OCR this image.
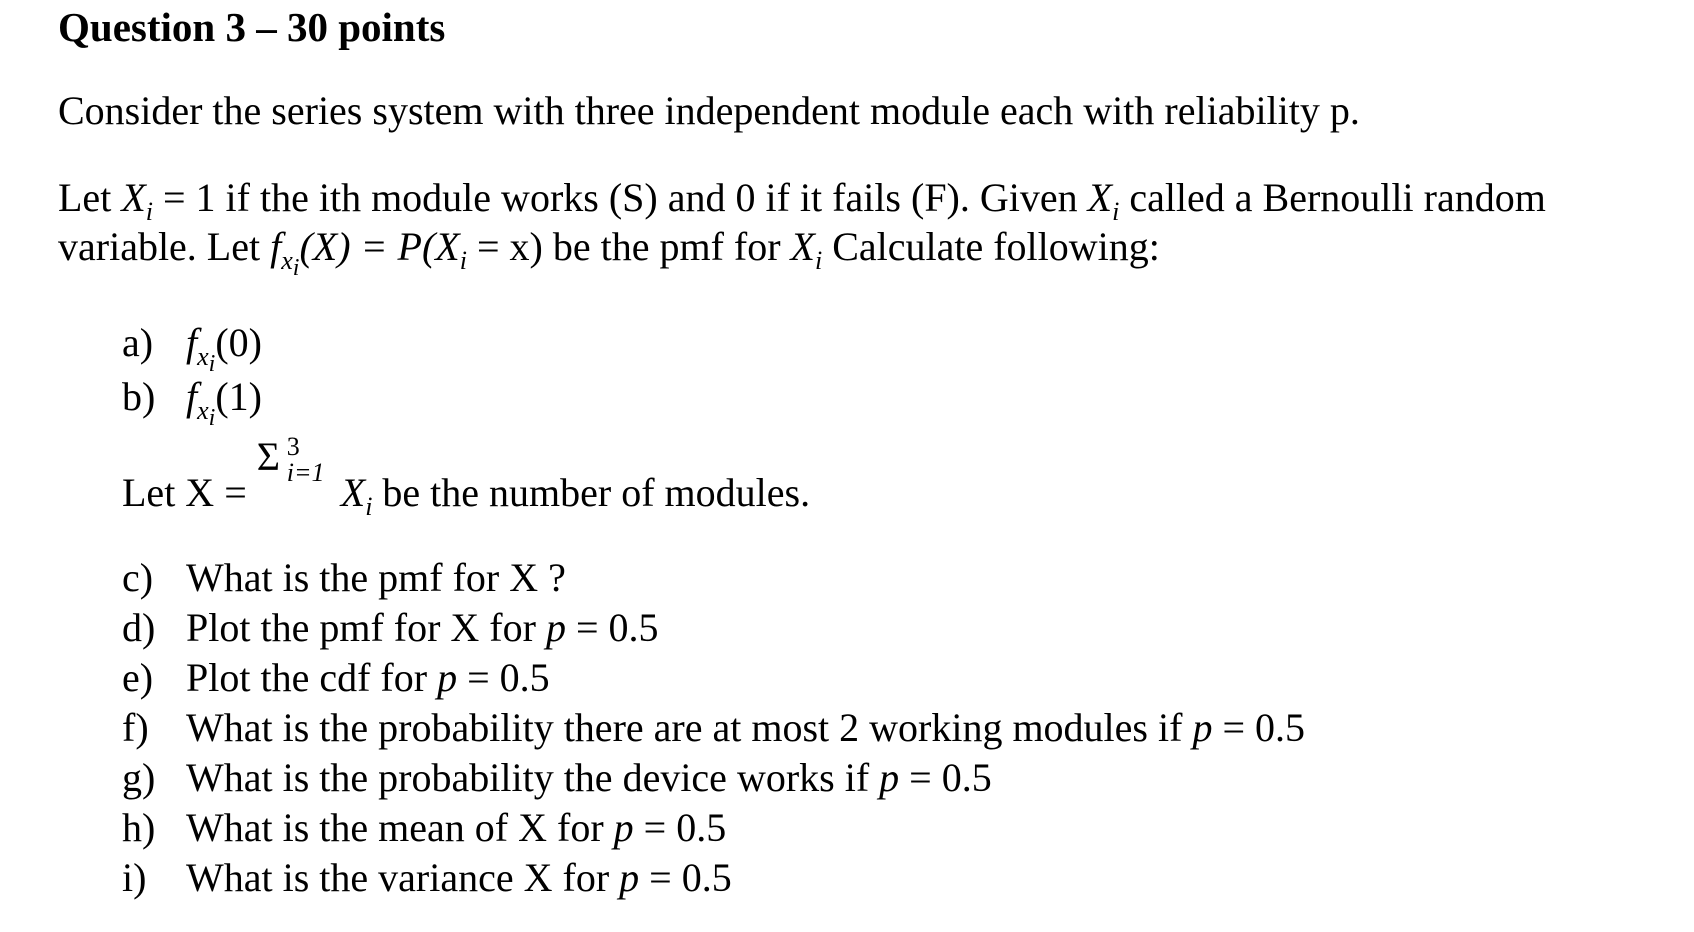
Question 3 – 30 points
Consider the series system with three independent module each with reliability p.
Let $X_i = 1$ if the ith module works (S) and 0 if it fails (F). Given $X_i$ called a Bernoulli random
variable. Let $f_{x_i}(X) = P(X_i = x)$ be the pmf for $X_i$ Calculate following:
a) $f_{x_i}(0)$
b) $f_{x_i}(1)$
Let X =
Σ 3
i=1 $X_i$ be the number of modules.
c) What is the pmf for X ?
d) Plot the pmf for X for p = 0.5
e) Plot the cdf for p = 0.5
f) What is the probability there are at most 2 working modules if p = 0.5
g) What is the probability the device works if p = 0.5
h) What is the mean of X for p = 0.5
i) What is the variance X for p = 0.5
